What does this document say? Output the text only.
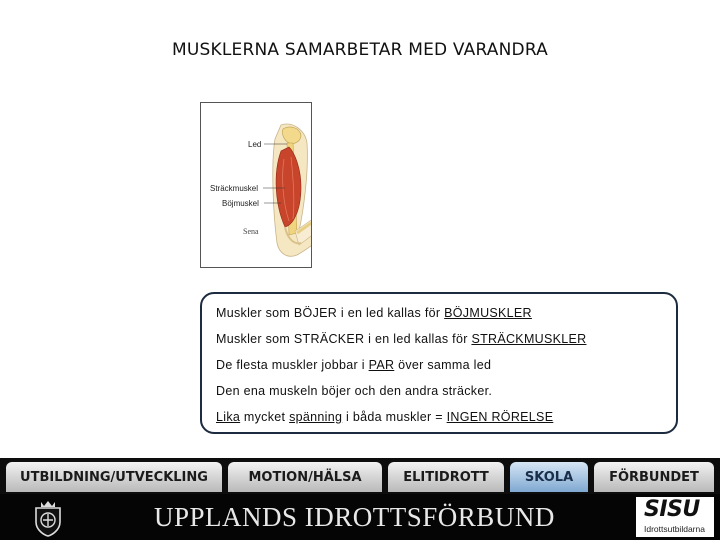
MUSKLERNA SAMARBETAR MED VARANDRA
Led
Sträckmuskel
Böjmuskel
Sena
Muskler som BÖJER i en led kallas för BÖJMUSKLER
Muskler som STRÄCKER i en led kallas för STRÄCKMUSKLER
De flesta muskler jobbar i PAR över samma led
Den ena muskeln böjer och den andra sträcker.
Lika mycket spänning i båda muskler = INGEN RÖRELSE
UTBILDNING/UTVECKLING	MOTION/HÄLSA	ELITIDROTT	SKOLA	FÖRBUNDET
UPPLANDS IDROTTSFÖRBUND	SISU
Idrottsutbildarna
